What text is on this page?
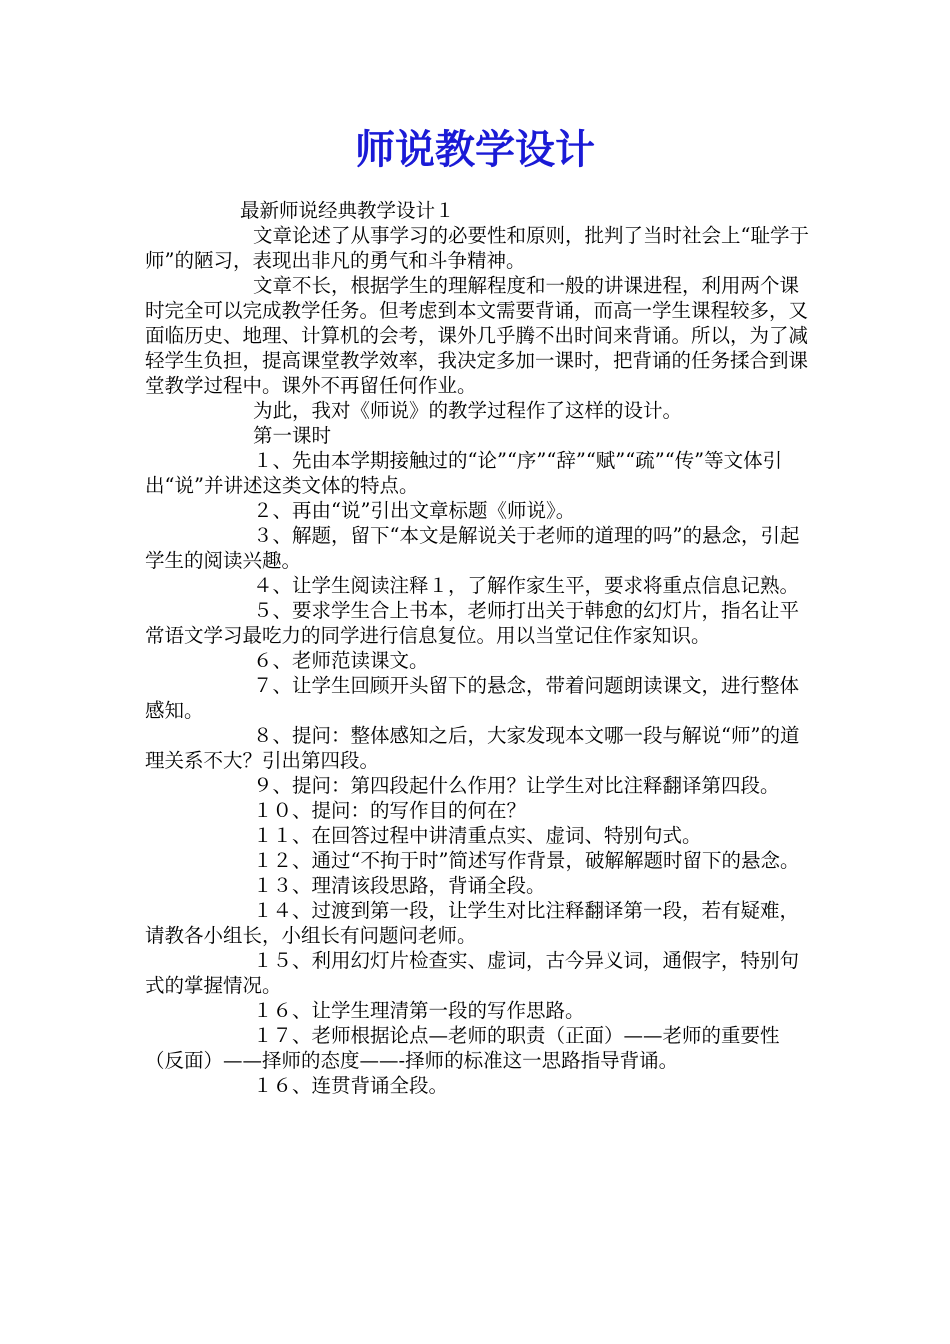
师说教学设计

最新师说经典教学设计１

文章论述了从事学习的必要性和原则，批判了当时社会上“耻学于师”的陋习，表现出非凡的勇气和斗争精神。

文章不长，根据学生的理解程度和一般的讲课进程，利用两个课时完全可以完成教学任务。但考虑到本文需要背诵，而高一学生课程较多，又面临历史、地理、计算机的会考，课外几乎腾不出时间来背诵。所以，为了减轻学生负担，提高课堂教学效率，我决定多加一课时，把背诵的任务揉合到课堂教学过程中。课外不再留任何作业。

为此，我对《师说》的教学过程作了这样的设计。

第一课时

１、先由本学期接触过的“论”“序”“辞”“赋”“疏”“传”等文体引出“说”并讲述这类文体的特点。

２、再由“说”引出文章标题《师说》。

３、解题，留下“本文是解说关于老师的道理的吗”的悬念，引起学生的阅读兴趣。

４、让学生阅读注释１，了解作家生平，要求将重点信息记熟。

５、要求学生合上书本，老师打出关于韩愈的幻灯片，指名让平常语文学习最吃力的同学进行信息复位。用以当堂记住作家知识。

６、老师范读课文。

７、让学生回顾开头留下的悬念，带着问题朗读课文，进行整体感知。

８、提问：整体感知之后，大家发现本文哪一段与解说“师”的道理关系不大？引出第四段。

９、提问：第四段起什么作用？让学生对比注释翻译第四段。

１０、提问：的写作目的何在？

１１、在回答过程中讲清重点实、虚词、特别句式。

１２、通过“不拘于时”简述写作背景，破解解题时留下的悬念。

１３、理清该段思路，背诵全段。

１４、过渡到第一段，让学生对比注释翻译第一段，若有疑难，请教各小组长，小组长有问题问老师。

１５、利用幻灯片检查实、虚词，古今异义词，通假字，特别句式的掌握情况。

１６、让学生理清第一段的写作思路。

１７、老师根据论点—老师的职责（正面）——老师的重要性（反面）——择师的态度——-择师的标准这一思路指导背诵。

１６、连贯背诵全段。
